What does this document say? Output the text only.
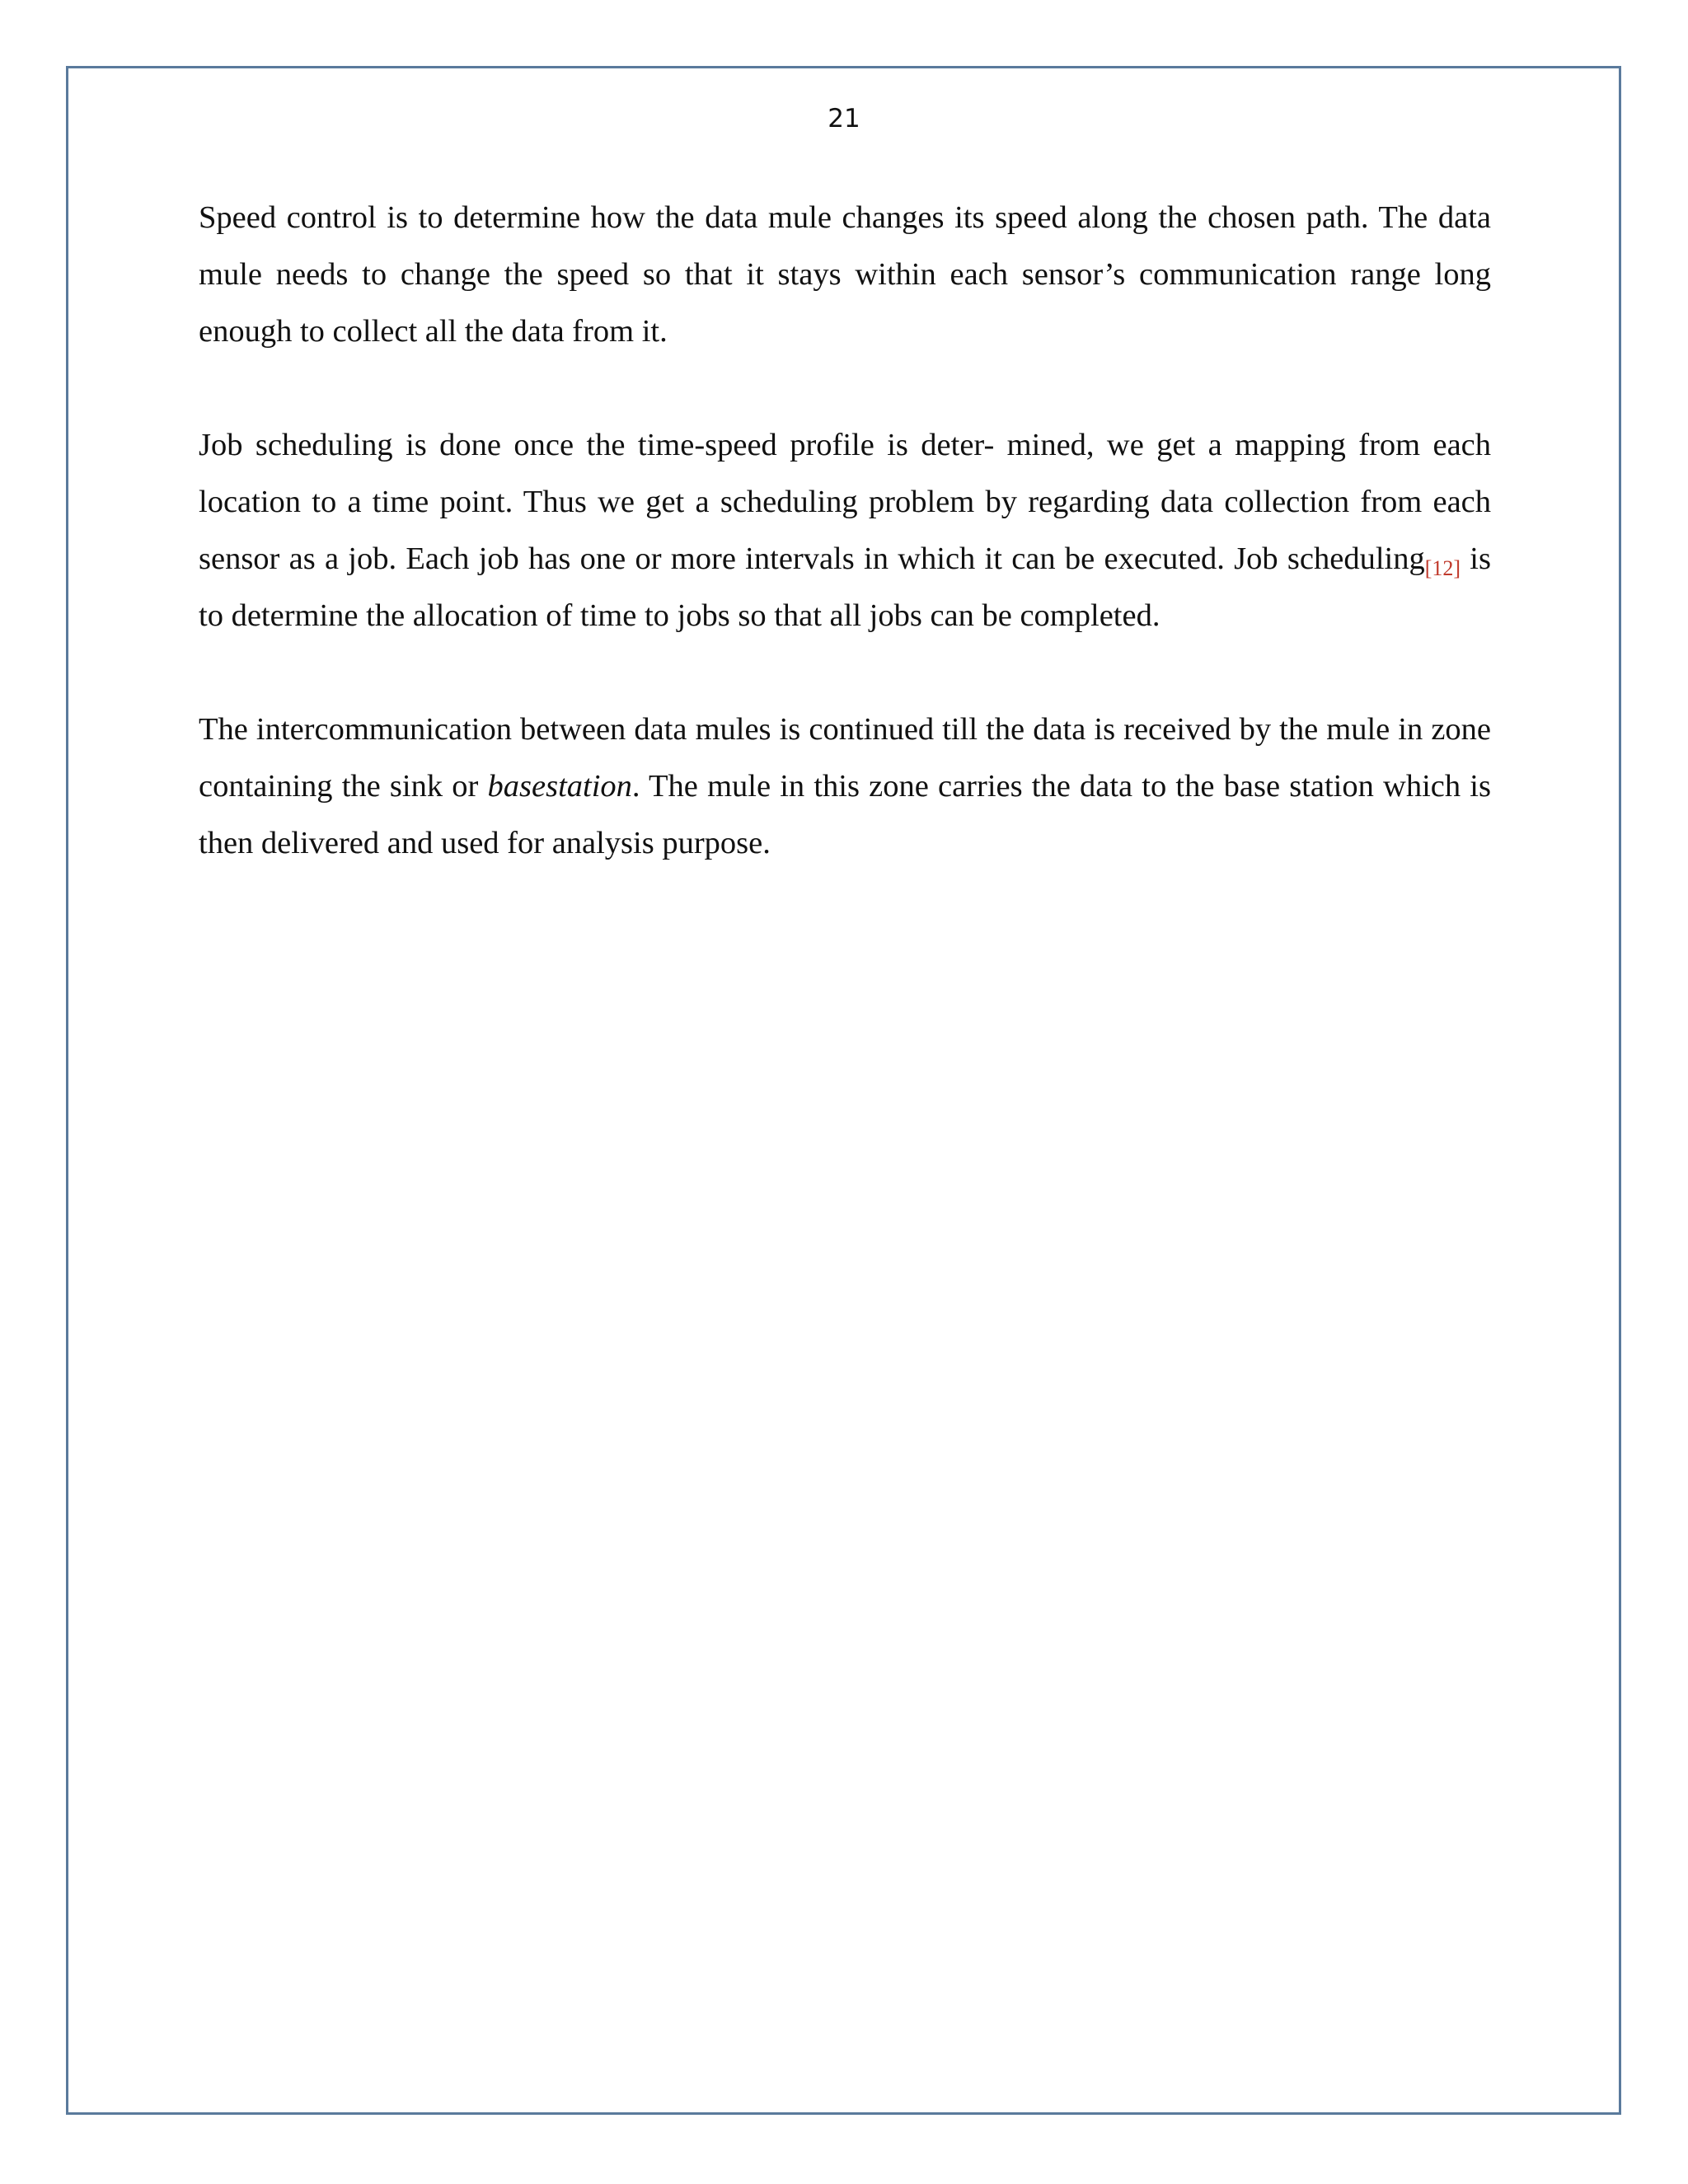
21

Speed control is to determine how the data mule changes its speed along the chosen path. The data mule needs to change the speed so that it stays within each sensor’s communication range long enough to collect all the data from it.

Job scheduling is done once the time-speed profile is deter- mined, we get a mapping from each location to a time point. Thus we get a scheduling problem by regarding data collection from each sensor as a job. Each job has one or more intervals in which it can be executed. Job scheduling$_{[12]}$ is to determine the allocation of time to jobs so that all jobs can be completed.

The intercommunication between data mules is continued till the data is received by the mule in zone containing the sink or basestation. The mule in this zone carries the data to the base station which is then delivered and used for analysis purpose.
